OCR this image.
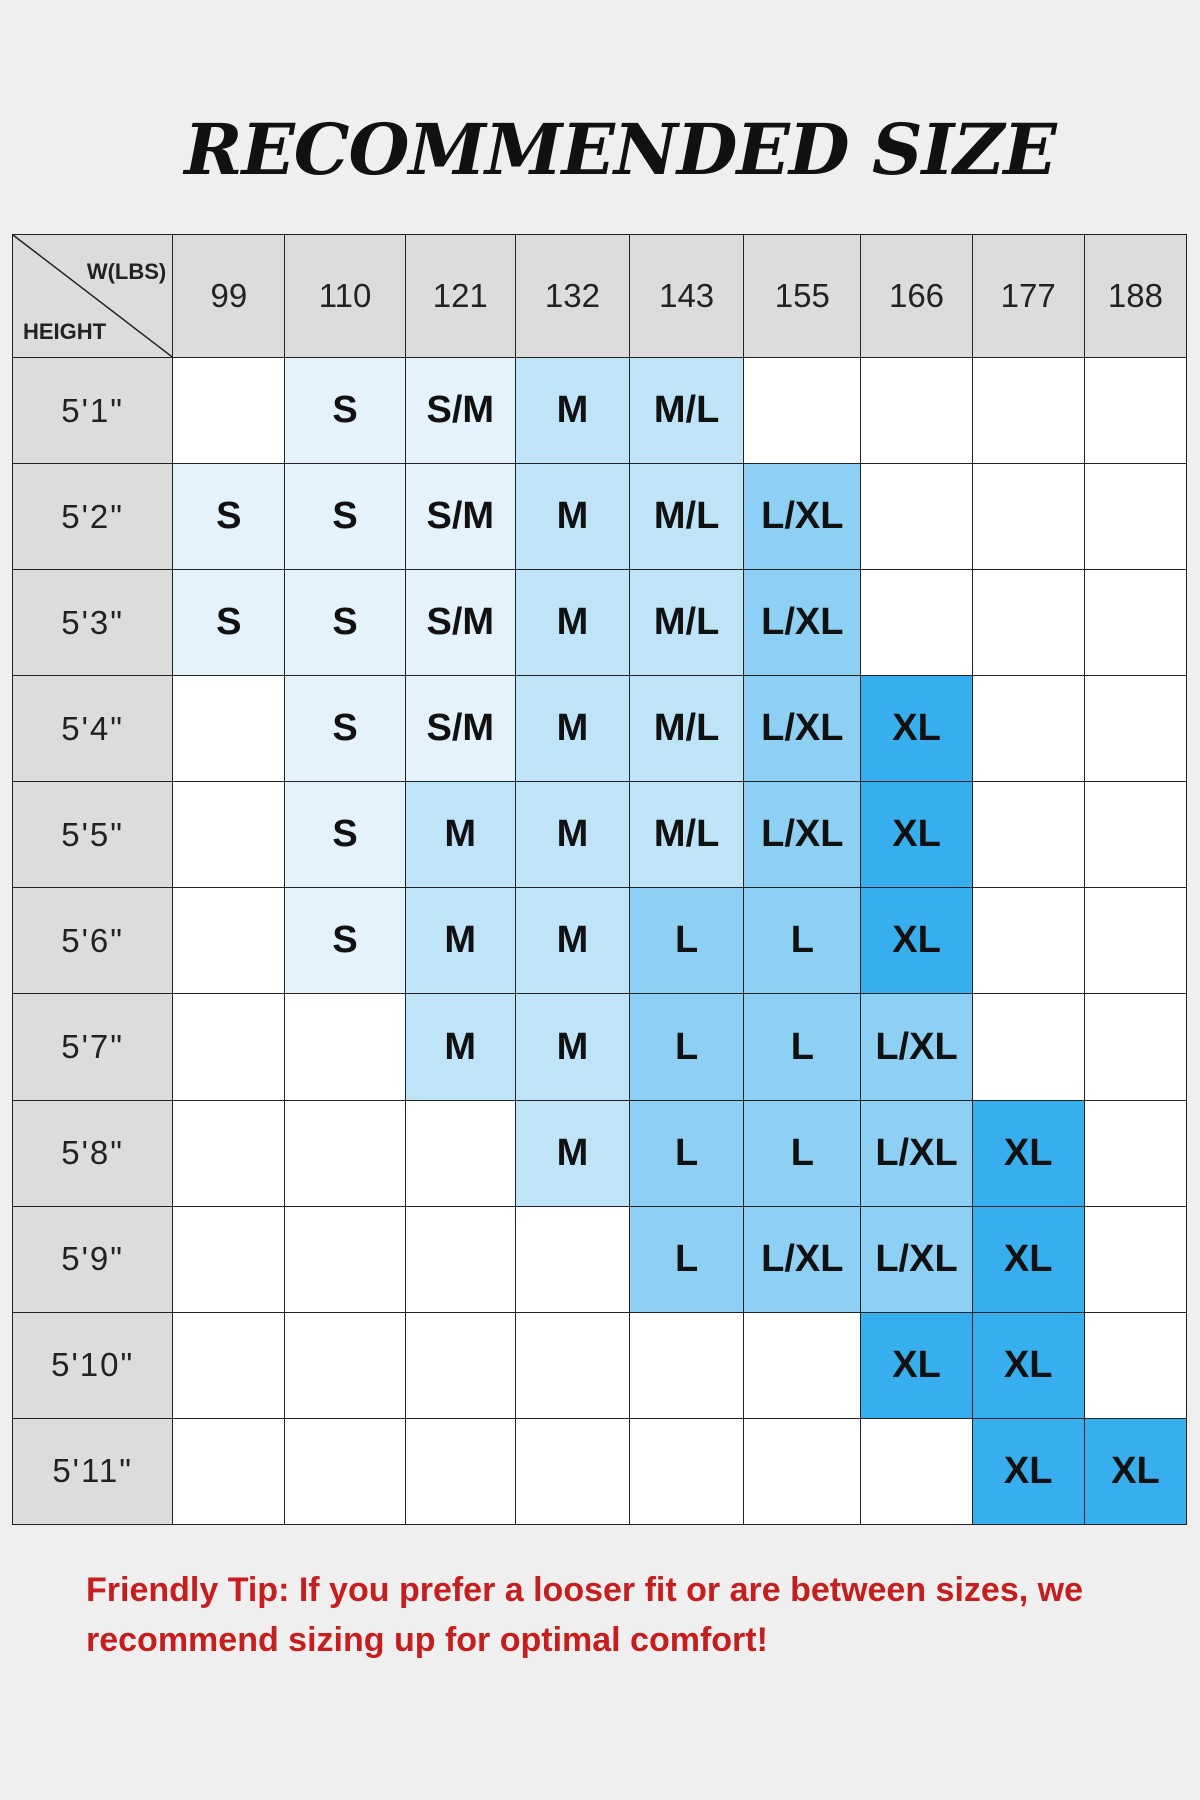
RECOMMENDED SIZE
W(LBS)
HEIGHT	99	110	121	132	143	155	166	177	188
5'1"		S	S/M	M	M/L				
5'2"	S	S	S/M	M	M/L	L/XL			
5'3"	S	S	S/M	M	M/L	L/XL			
5'4"		S	S/M	M	M/L	L/XL	XL		
5'5"		S	M	M	M/L	L/XL	XL		
5'6"		S	M	M	L	L	XL		
5'7"			M	M	L	L	L/XL		
5'8"				M	L	L	L/XL	XL	
5'9"					L	L/XL	L/XL	XL	
5'10"							XL	XL	
5'11"								XL	XL
Friendly Tip: If you prefer a looser fit or are between sizes, we recommend sizing up for optimal comfort!
